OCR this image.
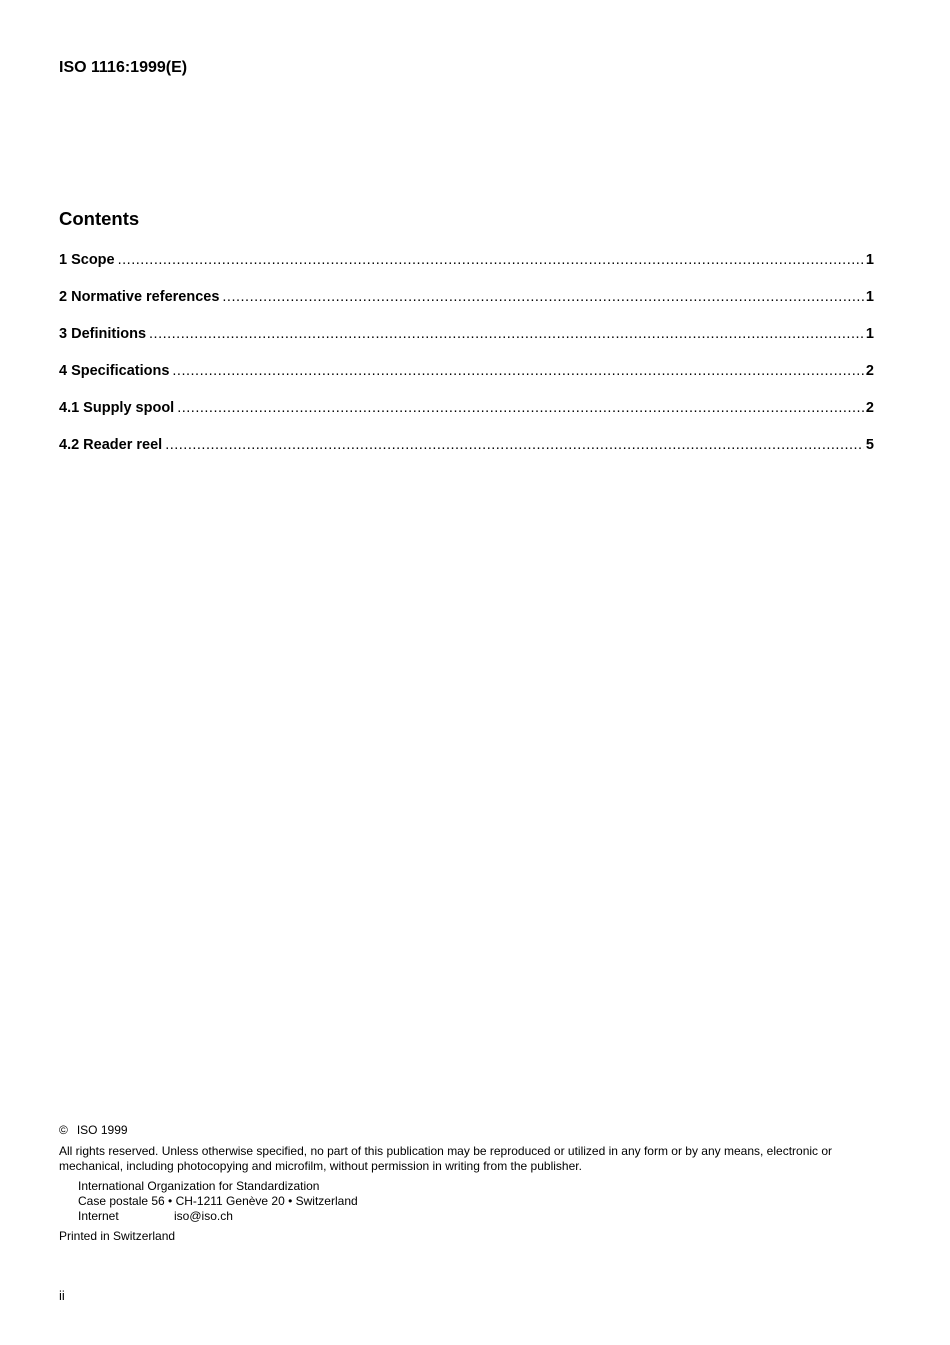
ISO 1116:1999(E)
Contents
1 Scope .....	1
2 Normative references .....	1
3 Definitions .....	1
4 Specifications .....	2
4.1 Supply spool .....	2
4.2 Reader reel .....	5
© ISO 1999
All rights reserved. Unless otherwise specified, no part of this publication may be reproduced or utilized in any form or by any means, electronic or mechanical, including photocopying and microfilm, without permission in writing from the publisher.
International Organization for Standardization
Case postale 56 • CH-1211 Genève 20 • Switzerland
Internet	iso@iso.ch
Printed in Switzerland
ii
